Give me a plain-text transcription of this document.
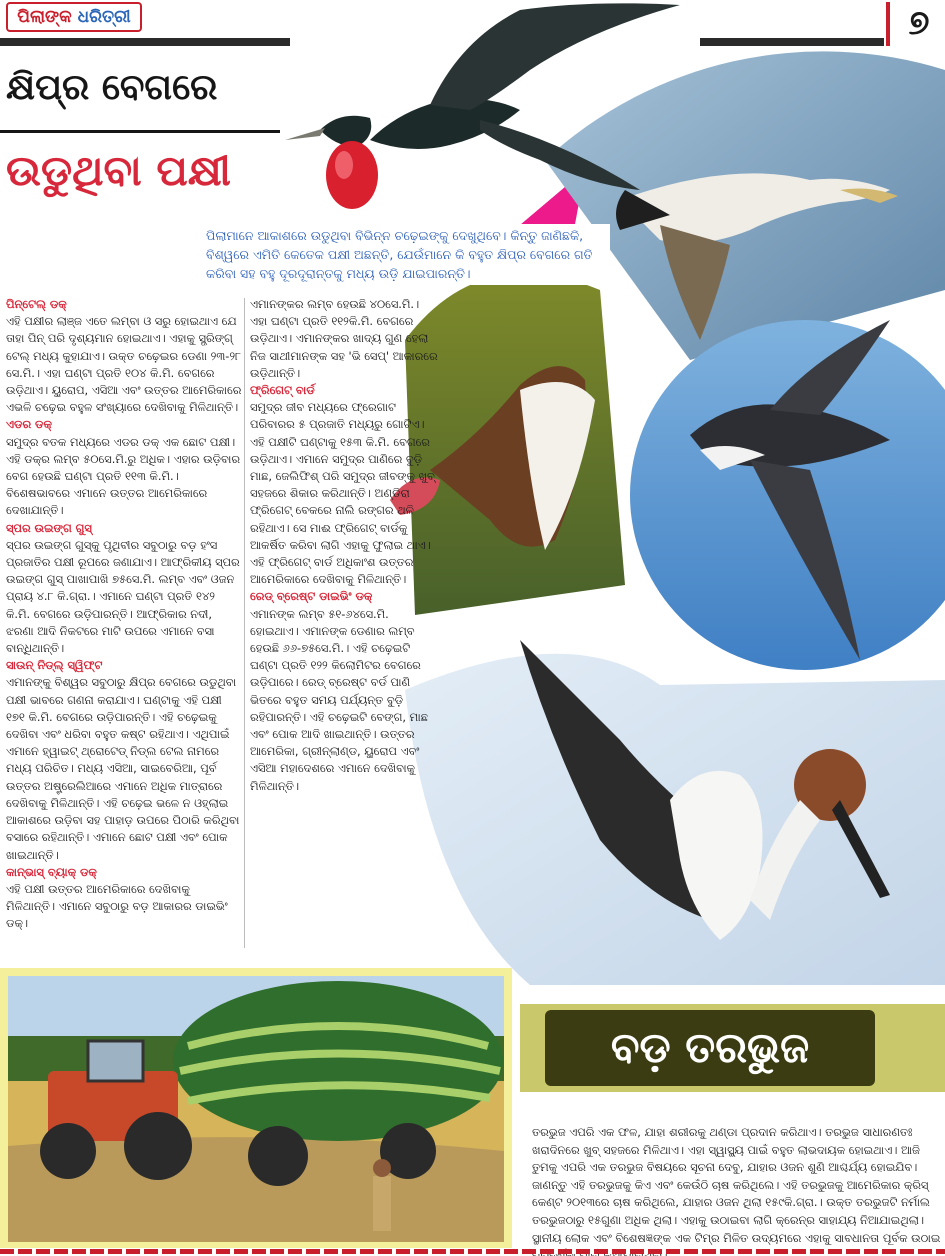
ପିଲାଙ୍କ ଧରିତ୍ରୀ	୭
କ୍ଷିପ୍ର ବେଗରେ
ଉଡୁଥିବା ପକ୍ଷୀ
ପିଲାମାନେ ଆକାଶରେ ଉଡୁଥିବା ବିଭିନ୍ନ ଚଢ଼େଇଙ୍କୁ ଦେଖୁଥିବେ। କିନ୍ତୁ ଜାଣିଛକି, ବିଶ୍ୱରେ ଏମିତି କେତେକ ପକ୍ଷୀ ଅଛନ୍ତି, ଯେଉଁମାନେ କି ବହୁତ କ୍ଷିପ୍ର ବେଗରେ ଗତି କରିବା ସହ ବହୁ ଦୂରଦୂରାନ୍ତକୁ ମଧ୍ୟ ଉଡ଼ି ଯାଇପାରନ୍ତି।

ପିନ୍‌ଟେଲ୍ ଡକ୍
ଏହି ପକ୍ଷୀର ଲାଞ୍ଜ ଏତେ ଲମ୍ବା ଓ ସରୁ ହୋଇଥାଏ ଯେ ତାହା ପିନ୍ ପରି ଦୃଶ୍ୟମାନ ହୋଇଥାଏ। ଏହାକୁ ସ୍ପ୍ରିଙ୍ଗ୍ ଟେଲ୍ ମଧ୍ୟ କୁହାଯାଏ। ଉକ୍ତ ଚଢ଼େଇର ଡେଣା ୨୩-୨୮ ସେ.ମି.। ଏହା ଘଣ୍ଟା ପ୍ରତି ୧୦୪ କି.ମି. ବେଗରେ ଉଡ଼ିଥାଏ। ୟୁରୋପ, ଏସିଆ ଏବଂ ଉତ୍ତର ଆମେରିକାରେ ଏଭଳି ଚଢ଼େଇ ବହୁଳ ସଂଖ୍ୟାରେ ଦେଖିବାକୁ ମିଳିଥାନ୍ତି।

ଏଡର ଡକ୍
ସମୁଦ୍ର ବତକ ମଧ୍ୟରେ ଏଡର ଡକ୍ ଏକ ଛୋଟ ପକ୍ଷୀ। ଏହି ଡକ୍‌ର ଲମ୍ବ ୫୦ସେ.ମି.ରୁ ଅଧିକ। ଏହାର ଉଡ଼ିବାର ବେଗ ହେଉଛି ଘଣ୍ଟା ପ୍ରତି ୧୧୩ କି.ମି.। ବିଶେଷଭାବରେ ଏମାନେ ଉତ୍ତର ଆମେରିକାରେ ଦେଖାଯାନ୍ତି।

ସ୍ପର ଉଇଙ୍ଗ ଗୁସ୍
ସ୍ପର ଉଇଙ୍ଗ ଗୁସ୍‌କୁ ପୃଥିବୀର ସବୁଠାରୁ ବଡ଼ ହଂସ ପ୍ରଜାତିର ପକ୍ଷୀ ରୂପରେ ଜଣାଯାଏ। ଆଫ୍ରିକୀୟ ସ୍ପର ଉଇଙ୍ଗ ଗୁସ୍ ପାଖାପାଖି ୭୫ସେ.ମି. ଲମ୍ବ ଏବଂ ଓଜନ ପ୍ରାୟ ୪.୮ କି.ଗ୍ରା.। ଏମାନେ ଘଣ୍ଟା ପ୍ରତି ୧୪୨ କି.ମି. ବେଗରେ ଉଡ଼ିପାରନ୍ତି। ଆଫ୍ରିକାର ନଦୀ, ଝରଣା ଆଦି ନିକଟରେ ମାଟି ଉପରେ ଏମାନେ ବସା ବାନ୍ଧିଥାନ୍ତି।

ସାଉନ୍ ନିଡ୍‌ଲ୍ ସ୍ୱିଫ୍ଟ
ଏମାନଙ୍କୁ ବିଶ୍ୱର ସବୁଠାରୁ କ୍ଷିପ୍ର ବେଗରେ ଉଡୁଥିବା ପକ୍ଷୀ ଭାବରେ ଗଣନା କରାଯାଏ। ଘଣ୍ଟାକୁ ଏହି ପକ୍ଷୀ ୧୭୧ କି.ମି. ବେଗରେ ଉଡ଼ିପାରନ୍ତି। ଏହି ଚଢ଼େଇକୁ ଦେଖିବା ଏବଂ ଧରିବା ବହୁତ କଷ୍ଟ ରହିଥାଏ। ଏଥିପାଇଁ ଏମାନେ ହ୍ୱାଇଟ୍ ଥ୍ରୋଟେଡ୍ ନିଡ୍‌ଲ ଟେଲ ନାମରେ ମଧ୍ୟ ପରିଚିତ। ମଧ୍ୟ ଏସିଆ, ସାଇବେରିଆ, ପୂର୍ବ ଉତ୍ତର ଅଷ୍ଟ୍ରେଲିଆରେ ଏମାନେ ଅଧିକ ମାତ୍ରାରେ ଦେଖିବାକୁ ମିଳିଥାନ୍ତି। ଏହି ଚଢ଼େଇ ଭଳେ ନ ଓହ୍ଲାଇ ଆକାଶରେ ଉଡ଼ିବା ସହ ପାହାଡ଼ ଉପରେ ପିଠାରି କରିଥିବା ବସାରେ ରହିଥାନ୍ତି। ଏମାନେ ଛୋଟ ପକ୍ଷୀ ଏବଂ ପୋକ ଖାଇଥାନ୍ତି।

କାନ୍‌ଭାସ୍ ବ୍ୟାକ୍ ଡକ୍
ଏହି ପକ୍ଷୀ ଉତ୍ତର ଆମେରିକାରେ ଦେଖିବାକୁ ମିଳିଥାନ୍ତି। ଏମାନେ ସବୁଠାରୁ ବଡ଼ ଆକାରର ଡାଇଭିଂ ଡକ୍।

ଏମାନଙ୍କର ଲମ୍ବ ହେଉଛି ୪୦ସେ.ମି.। ଏହା ଘଣ୍ଟା ପ୍ରତି ୧୧୨କି.ମି. ବେଗରେ ଉଡ଼ିଥାଏ। ଏମାନଙ୍କର ଖାଦ୍ୟ ଗୁଣ ହେଲା ନିଜ ସାଥୀମାନଙ୍କ ସହ 'ଭି ସେପ୍' ଆକାରରେ ଉଡ଼ିଥାନ୍ତି।

ଫ୍ରିଗେଟ୍ ବାର୍ଡ
ସମୁଦ୍ର ଜୀବ ମଧ୍ୟରେ ଫ୍ରେଗାଟ ପରିବାରର ୫ ପ୍ରଜାତି ମଧ୍ୟରୁ ଗୋଟିଏ। ଏହି ପକ୍ଷୀଟି ଘଣ୍ଟାକୁ ୧୫୩ କି.ମି. ବେଗରେ ଉଡ଼ିଥାଏ। ଏମାନେ ସମୁଦ୍ର ପାଣିରେ ବୁଡ଼ି ମାଛ, ଜେଲିଫିଶ୍ ପରି ସମୁଦ୍ର ଜୀବଙ୍କୁ ଖୁବ୍ ସହଜରେ ଶିକାର କରିଥାନ୍ତି। ଅଣ୍ଡିରା ଫ୍ରିଗେଟ୍ ବେକରେ ନାଲି ରଙ୍ଗର ଥଳି ରହିଥାଏ। ସେ ମାଈ ଫ୍ରିଗେଟ୍ ବାର୍ଡକୁ ଆକର୍ଷିତ କରିବା ଲାଗି ଏହାକୁ ଫୁଲାଇ ଥାଏ। ଏହି ଫ୍ରିଗେଟ୍ ବାର୍ଡ ଅଧିକାଂଶ ଉତ୍ତର ଆମେରିକାରେ ଦେଖିବାକୁ ମିଳିଥାନ୍ତି।

ରେଡ୍ ବ୍ରେଷ୍ଟ ଡାଇଭିଂ ଡକ୍
ଏମାନଙ୍କ ଲମ୍ବ ୫୧-୬୪ସେ.ମି. ହୋଇଥାଏ। ଏମାନଙ୍କ ଡେଣାର ଲମ୍ବ ହେଉଛି ୬୬-୭୫ସେ.ମି.। ଏହି ଚଢ଼େଇଟି ଘଣ୍ଟା ପ୍ରତି ୧୨୨ କିଲୋମିଟର ବେଗରେ ଉଡ଼ିପାରେ। ରେଡ୍ ବ୍ରେଷ୍ଟ ବର୍ଡ ପାଣି ଭିତରେ ବହୁତ ସମୟ ପର୍ଯ୍ୟନ୍ତ ବୁଡ଼ି ରହିପାରନ୍ତି। ଏହି ଚଢ଼େଇଟି ବେଙ୍ଗ, ମାଛ ଏବଂ ପୋକ ଆଦି ଖାଇଥାନ୍ତି। ଉତ୍ତର ଆମେରିକା, ଗ୍ରୀନ୍‌ଲାଣ୍ଡ, ୟୁରୋପ ଏବଂ ଏସିଆ ମହାଦେଶରେ ଏମାନେ ଦେଖିବାକୁ ମିଳିଥାନ୍ତି।

ବଡ଼ ତରଭୁଜ
ତରଭୁଜ ଏପରି ଏକ ଫଳ, ଯାହା ଶରୀରକୁ ଥଣ୍ଡା ପ୍ରଦାନ କରିଥାଏ। ତରଭୁଜ ସାଧାରଣତଃ ଖରାଦିନରେ ଖୁବ୍ ସହଜରେ ମିଳିଥାଏ। ଏହା ସ୍ୱାସ୍ଥ୍ୟ ପାଇଁ ବହୁତ ଲାଭଦାୟକ ହୋଇଥାଏ। ଆଜି ତୁମକୁ ଏପରି ଏକ ତରଭୁଜ ବିଷୟରେ ସୂଚନା ଦେବୁ, ଯାହାର ଓଜନ ଶୁଣି ଆଶ୍ଚର୍ଯ୍ୟ ହୋଇଯିବ। ଜାଣନ୍ତୁ ଏହି ତରଭୁଜକୁ କିଏ ଏବଂ କେଉଁଠି ଚାଷ କରିଥିଲେ। ଏହି ତରଭୁଜକୁ ଆମେରିକାର କ୍ରିସ୍ କେଣ୍ଟ ୨୦୧୩ରେ ଚାଷ କରିଥିଲେ, ଯାହାର ଓଜନ ଥିଲା ୧୫୯କି.ଗ୍ରା.। ଉକ୍ତ ତରଭୁଜଟି ନର୍ମାଲ ତରଭୁଜଠାରୁ ୧୫ଗୁଣା ଅଧିକ ଥିଲା। ଏହାକୁ ଉଠାଇବା ଲାଗି କ୍ରେନ୍‌ର ସାହାଯ୍ୟ ନିଆଯାଇଥିଲା। ସ୍ଥାନୀୟ ଲୋକ ଏବଂ ବିଶେଷଜ୍ଞଙ୍କ ଏକ ଟିମ୍‌ର ମିଳିତ ଉଦ୍ୟମରେ ଏହାକୁ ସାବଧାନତା ପୂର୍ବକ ଉଠାଇ
